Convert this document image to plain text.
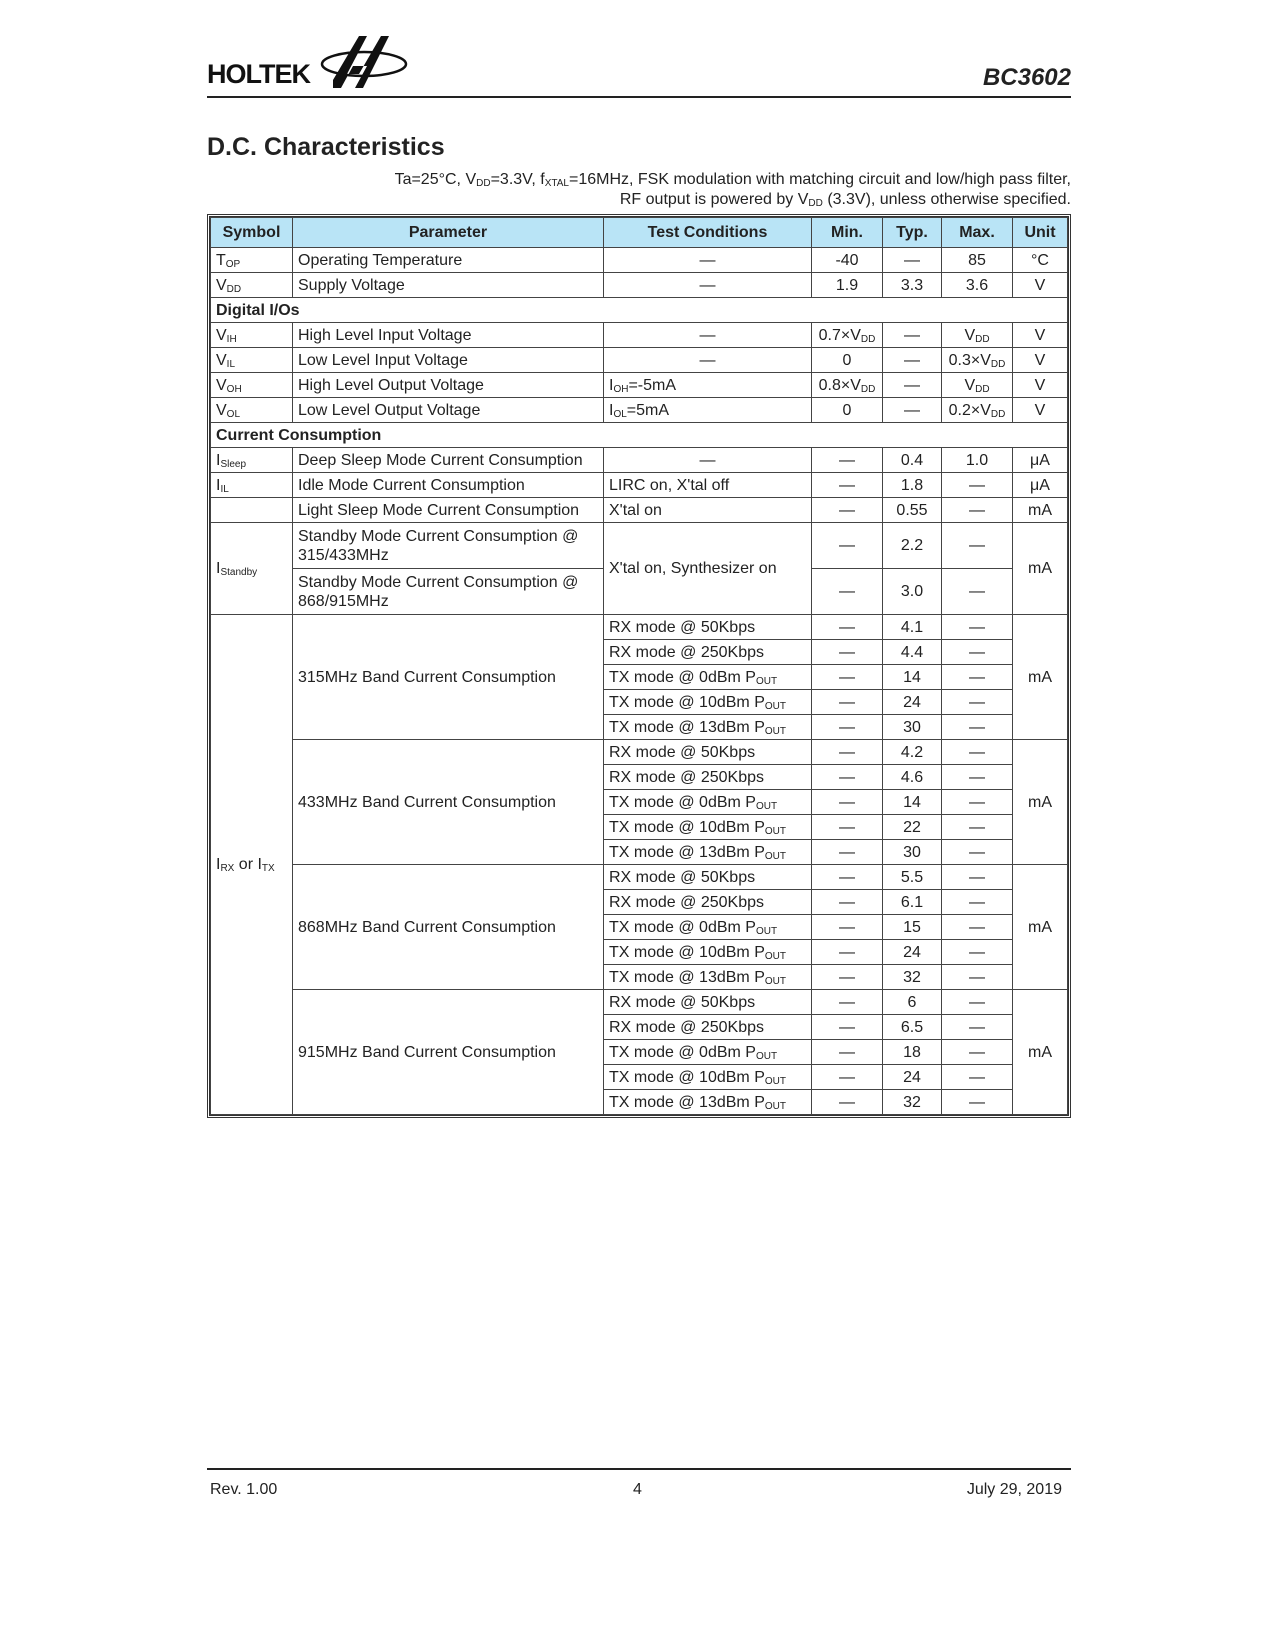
HOLTEK	BC3602
D.C. Characteristics
Ta=25°C, $V_{DD}=3.3V$, $f_{XTAL}=16MHz$, FSK modulation with matching circuit and low/high pass filter,
RF output is powered by $V_{DD}$ (3.3V), unless otherwise specified.
Symbol	Parameter	Test Conditions	Min.	Typ.	Max.	Unit
$T_{OP}$	Operating Temperature	—	-40	—	85	°C
$V_{DD}$	Supply Voltage	—	1.9	3.3	3.6	V
Digital I/Os						
$V_{IH}$	High Level Input Voltage	—	$0.7\times V_{DD}$	—	$V_{DD}$	V
$V_{IL}$	Low Level Input Voltage	—	0	—	$0.3\times V_{DD}$	V
$V_{OH}$	High Level Output Voltage	$I_{OH}=-5mA$	$0.8\times V_{DD}$	—	$V_{DD}$	V
$V_{OL}$	Low Level Output Voltage	$I_{OL}=5mA$	0	—	$0.2\times V_{DD}$	V
Current Consumption						
$I_{Sleep}$	Deep Sleep Mode Current Consumption	—	—	0.4	1.0	μA
$I_{IL}$	Idle Mode Current Consumption	LIRC on, X'tal off	—	1.8	—	μA
	Light Sleep Mode Current Consumption	X'tal on	—	0.55	—	mA
$I_{Standby}$	Standby Mode Current Consumption @ 315/433MHz	X'tal on, Synthesizer on	—	2.2	—	mA
	Standby Mode Current Consumption @ 868/915MHz		—	3.0	—	
$I_{RX}$ or $I_{TX}$	315MHz Band Current Consumption	RX mode @ 50Kbps	—	4.1	—	mA
		RX mode @ 250Kbps	—	4.4	—	
		TX mode @ 0dBm $P_{OUT}$	—	14	—	
		TX mode @ 10dBm $P_{OUT}$	—	24	—	
		TX mode @ 13dBm $P_{OUT}$	—	30	—	
	433MHz Band Current Consumption	RX mode @ 50Kbps	—	4.2	—	mA
		RX mode @ 250Kbps	—	4.6	—	
		TX mode @ 0dBm $P_{OUT}$	—	14	—	
		TX mode @ 10dBm $P_{OUT}$	—	22	—	
		TX mode @ 13dBm $P_{OUT}$	—	30	—	
	868MHz Band Current Consumption	RX mode @ 50Kbps	—	5.5	—	mA
		RX mode @ 250Kbps	—	6.1	—	
		TX mode @ 0dBm $P_{OUT}$	—	15	—	
		TX mode @ 10dBm $P_{OUT}$	—	24	—	
		TX mode @ 13dBm $P_{OUT}$	—	32	—	
	915MHz Band Current Consumption	RX mode @ 50Kbps	—	6	—	mA
		RX mode @ 250Kbps	—	6.5	—	
		TX mode @ 0dBm $P_{OUT}$	—	18	—	
		TX mode @ 10dBm $P_{OUT}$	—	24	—	
		TX mode @ 13dBm $P_{OUT}$	—	32	—	
Rev. 1.00	4	July 29, 2019
